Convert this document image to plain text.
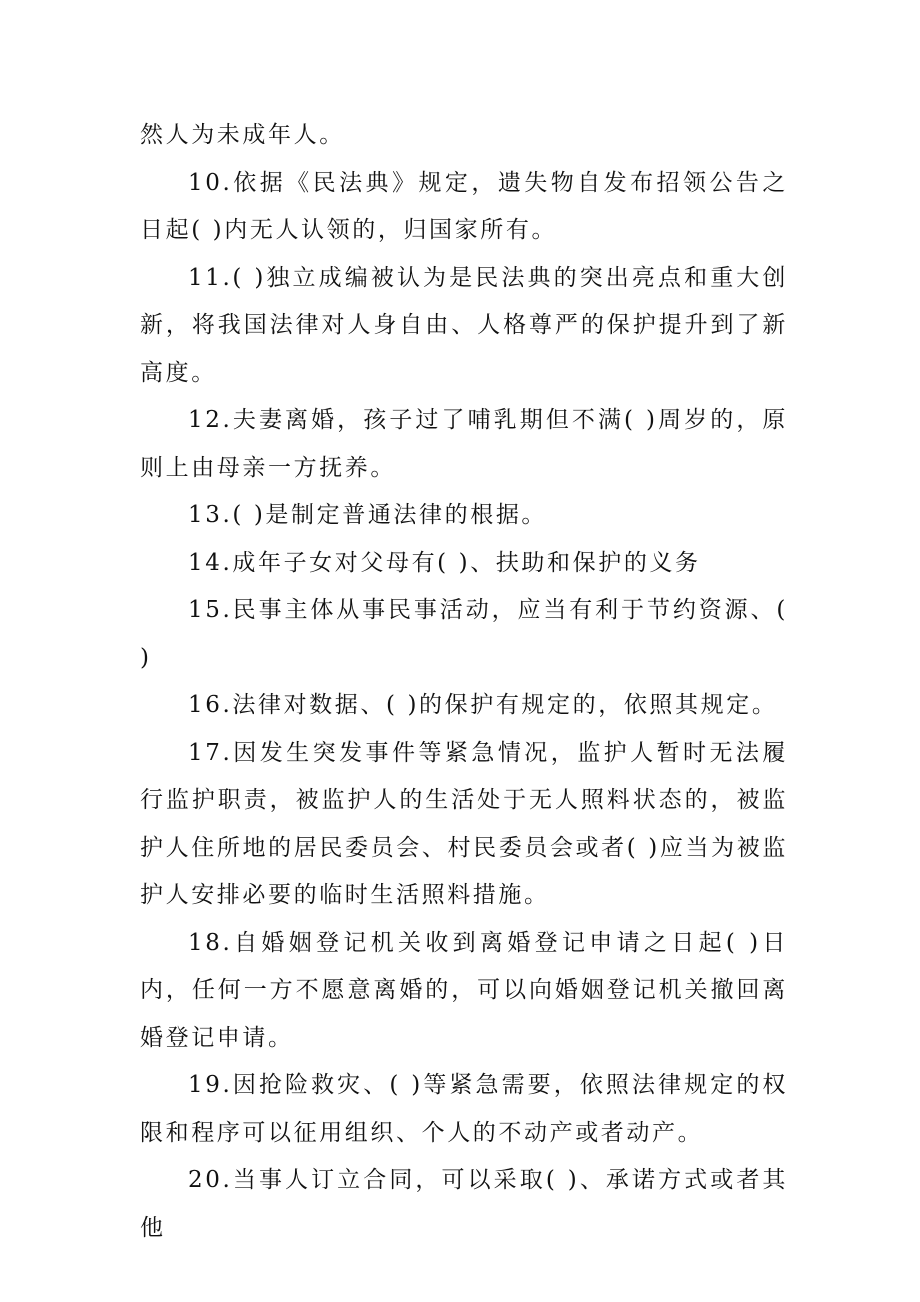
然人为未成年人。

10.依据《民法典》规定，遗失物自发布招领公告之日起( )内无人认领的，归国家所有。

11.( )独立成编被认为是民法典的突出亮点和重大创新，将我国法律对人身自由、人格尊严的保护提升到了新高度。

12.夫妻离婚，孩子过了哺乳期但不满( )周岁的，原则上由母亲一方抚养。

13.( )是制定普通法律的根据。

14.成年子女对父母有( )、扶助和保护的义务

15.民事主体从事民事活动，应当有利于节约资源、( )

16.法律对数据、( )的保护有规定的，依照其规定。

17.因发生突发事件等紧急情况，监护人暂时无法履行监护职责，被监护人的生活处于无人照料状态的，被监护人住所地的居民委员会、村民委员会或者( )应当为被监护人安排必要的临时生活照料措施。

18.自婚姻登记机关收到离婚登记申请之日起( )日内，任何一方不愿意离婚的，可以向婚姻登记机关撤回离婚登记申请。

19.因抢险救灾、( )等紧急需要，依照法律规定的权限和程序可以征用组织、个人的不动产或者动产。

20.当事人订立合同，可以采取( )、承诺方式或者其他
